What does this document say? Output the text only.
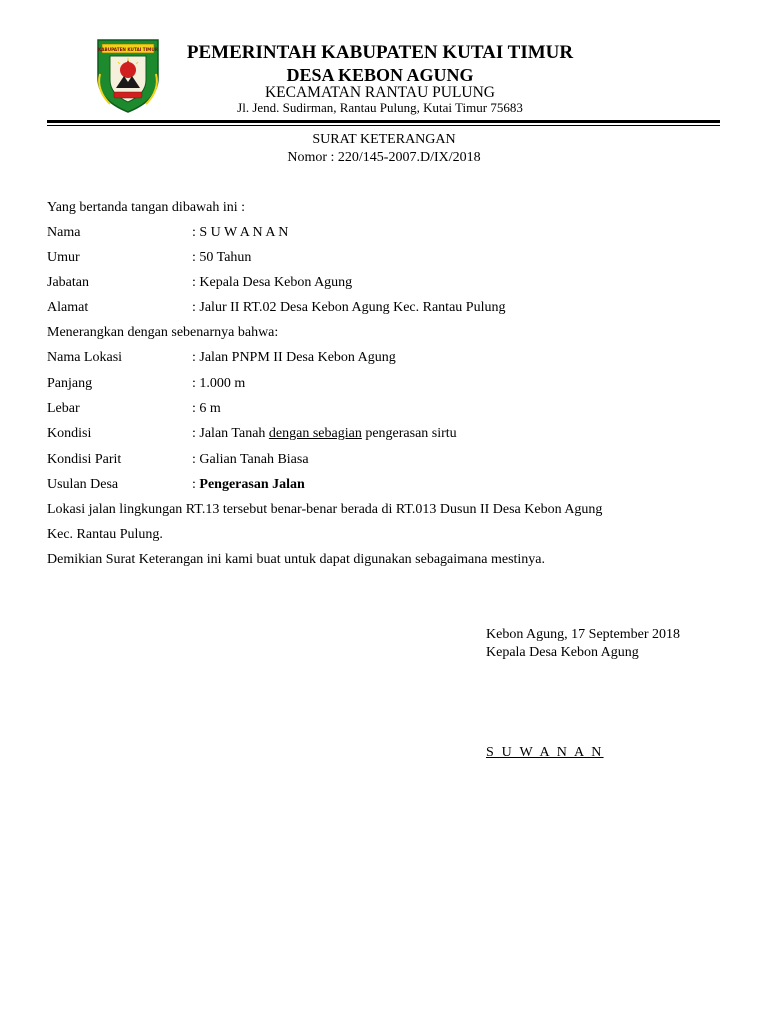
KABUPATEN KUTAI TIMUR	PEMERINTAH KABUPATEN KUTAI TIMUR
DESA KEBON AGUNG
KECAMATAN RANTAU PULUNG
Jl. Jend. Sudirman, Rantau Pulung, Kutai Timur 75683
SURAT KETERANGAN
Nomor : 220/145-2007.D/IX/2018
Yang bertanda tangan dibawah ini :
Nama	: S U W A N A N
Umur	: 50 Tahun
Jabatan	: Kepala Desa Kebon Agung
Alamat	: Jalur II RT.02 Desa Kebon Agung Kec. Rantau Pulung
Menerangkan dengan sebenarnya bahwa:
Nama Lokasi	: Jalan PNPM II Desa Kebon Agung
Panjang	: 1.000 m
Lebar	: 6 m
Kondisi	: Jalan Tanah dengan sebagian pengerasan sirtu
Kondisi Parit	: Galian Tanah Biasa
Usulan Desa	: Pengerasan Jalan
Lokasi jalan lingkungan RT.13 tersebut benar-benar berada di RT.013 Dusun II Desa Kebon Agung
Kec. Rantau Pulung.
Demikian Surat Keterangan ini kami buat untuk dapat digunakan sebagaimana mestinya.
Kebon Agung, 17 September 2018
Kepala Desa Kebon Agung
S U W A N A N
